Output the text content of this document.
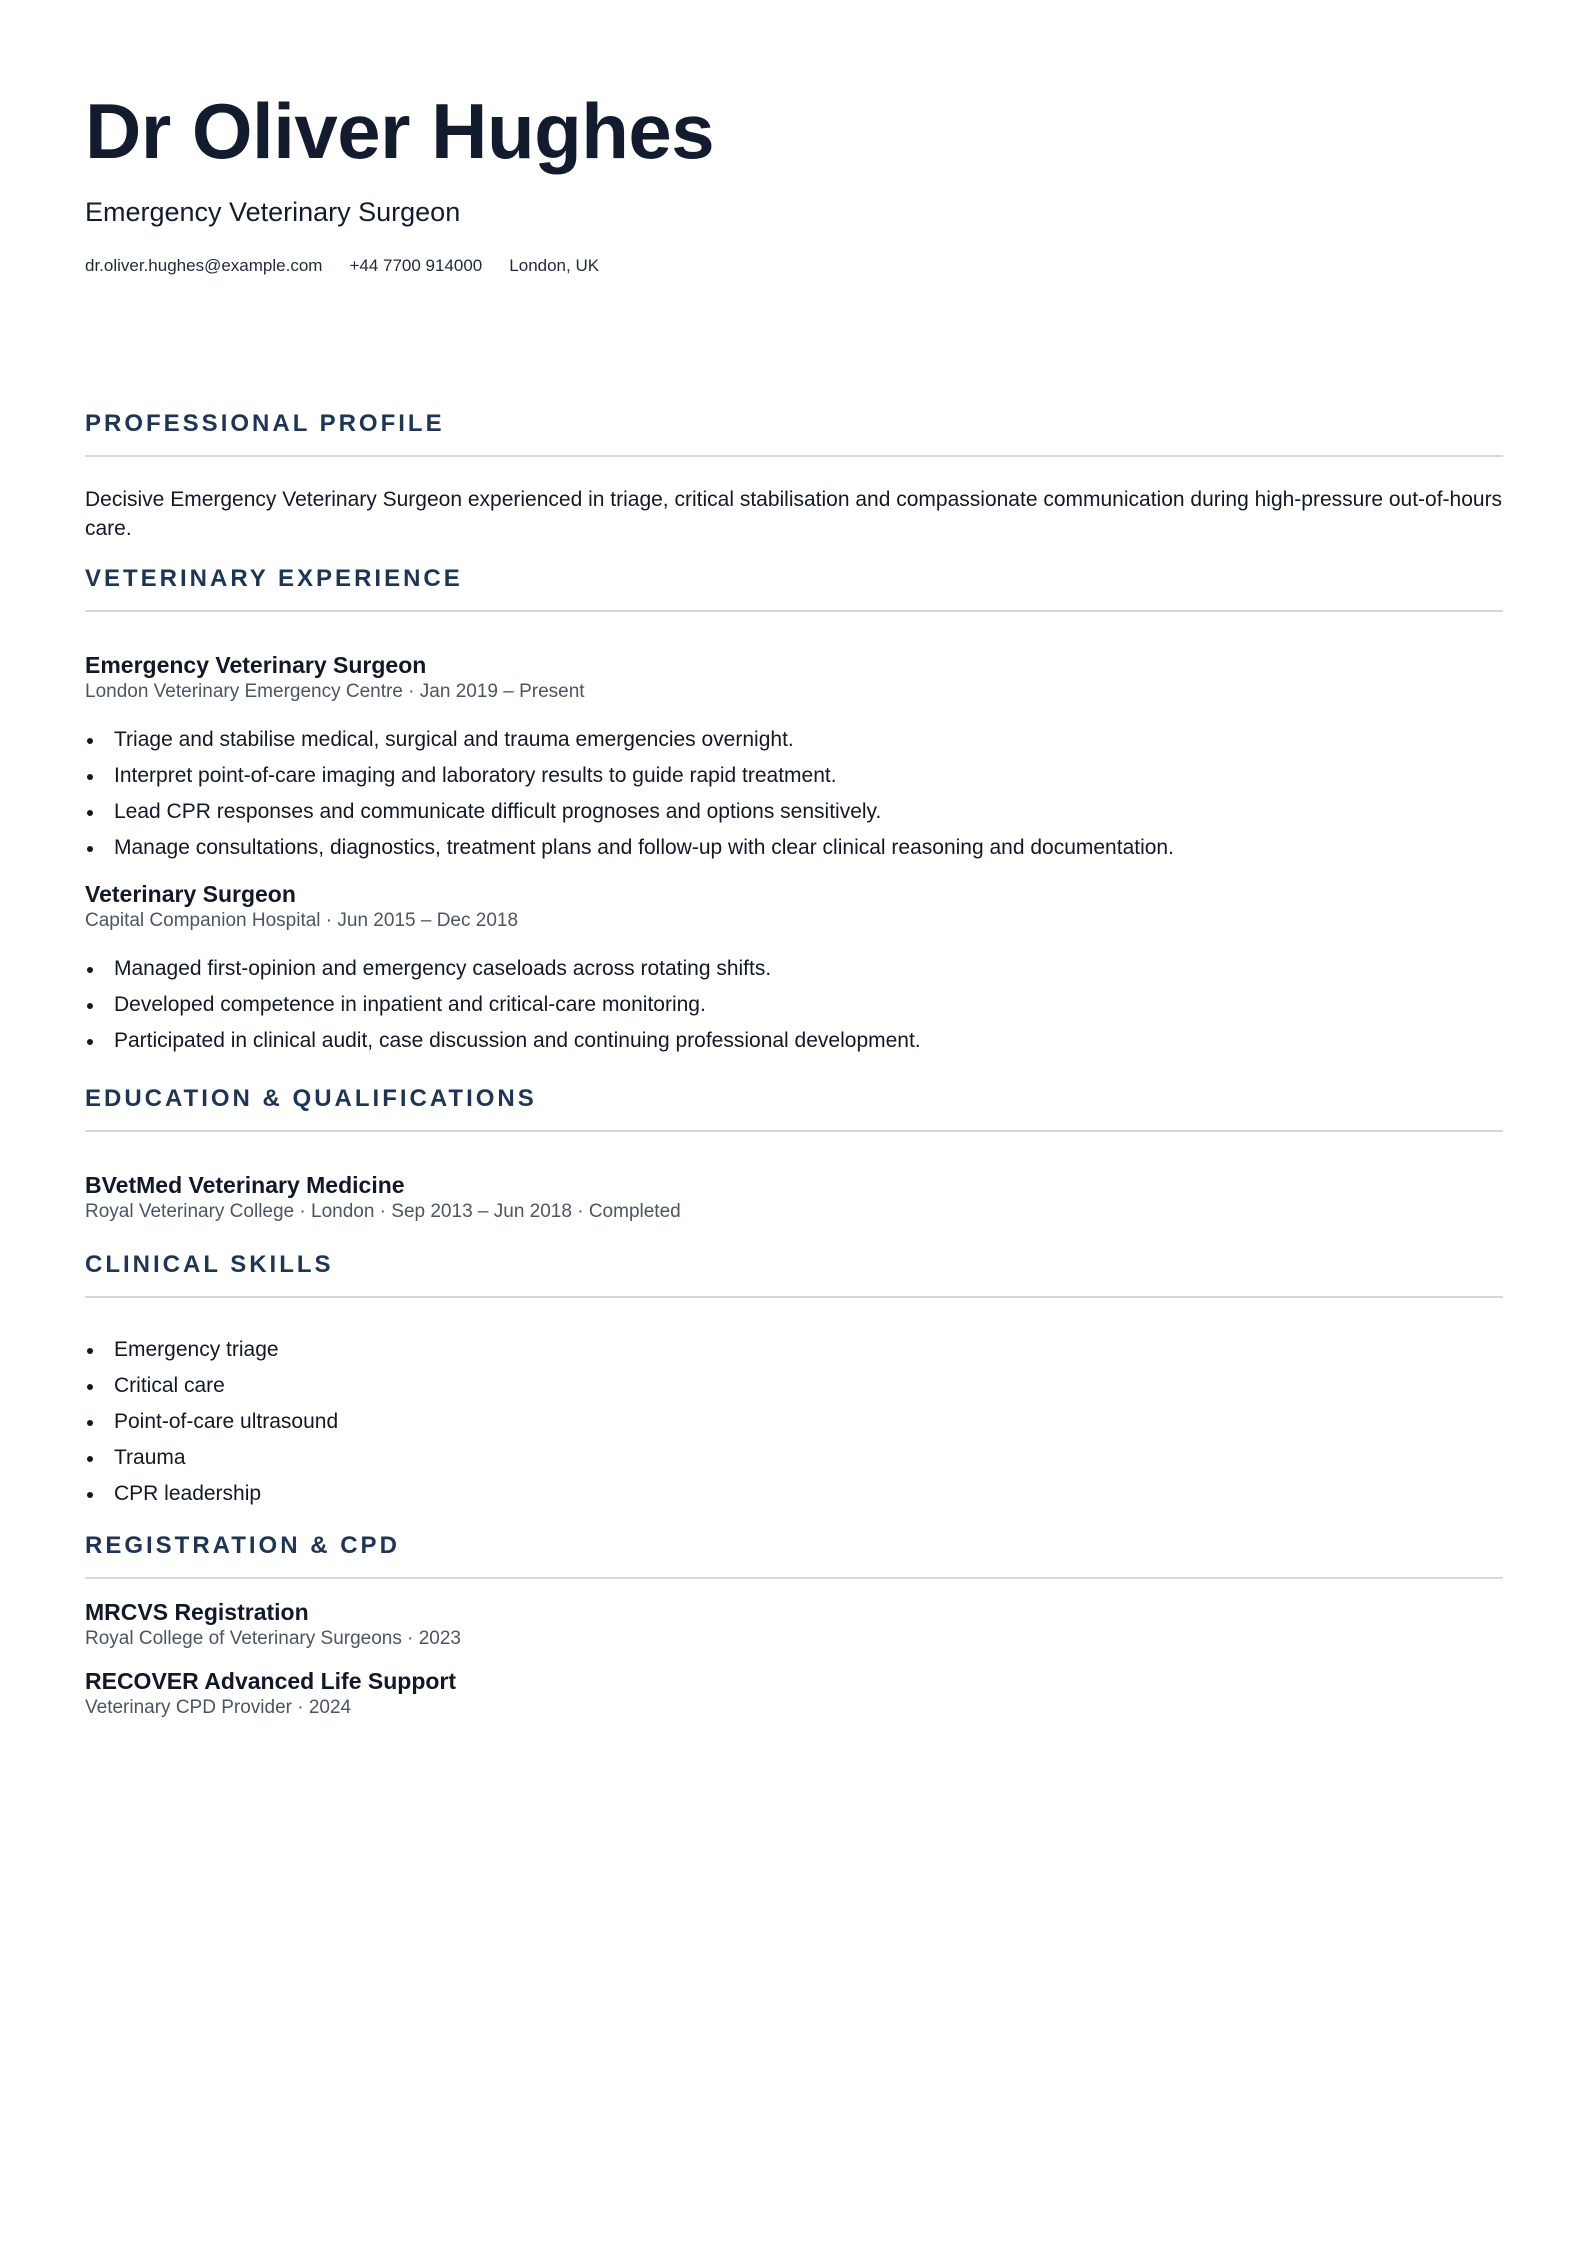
Dr Oliver Hughes

Emergency Veterinary Surgeon

dr.oliver.hughes@example.com +44 7700 914000 London, UK
PROFESSIONAL PROFILE

Decisive Emergency Veterinary Surgeon experienced in triage, critical stabilisation and compassionate communication during high-pressure out-of-hours care.

VETERINARY EXPERIENCE

Emergency Veterinary Surgeon

London Veterinary Emergency Centre · Jan 2019 – Present

Triage and stabilise medical, surgical and trauma emergencies overnight.
Interpret point-of-care imaging and laboratory results to guide rapid treatment.
Lead CPR responses and communicate difficult prognoses and options sensitively.
Manage consultations, diagnostics, treatment plans and follow-up with clear clinical reasoning and documentation.

Veterinary Surgeon

Capital Companion Hospital · Jun 2015 – Dec 2018

Managed first-opinion and emergency caseloads across rotating shifts.
Developed competence in inpatient and critical-care monitoring.
Participated in clinical audit, case discussion and continuing professional development.
EDUCATION & QUALIFICATIONS

BVetMed Veterinary Medicine

Royal Veterinary College · London · Sep 2013 – Jun 2018 · Completed

CLINICAL SKILLS
Emergency triage
Critical care
Point-of-care ultrasound
Trauma
CPR leadership
REGISTRATION & CPD

MRCVS Registration

Royal College of Veterinary Surgeons · 2023

RECOVER Advanced Life Support

Veterinary CPD Provider · 2024
